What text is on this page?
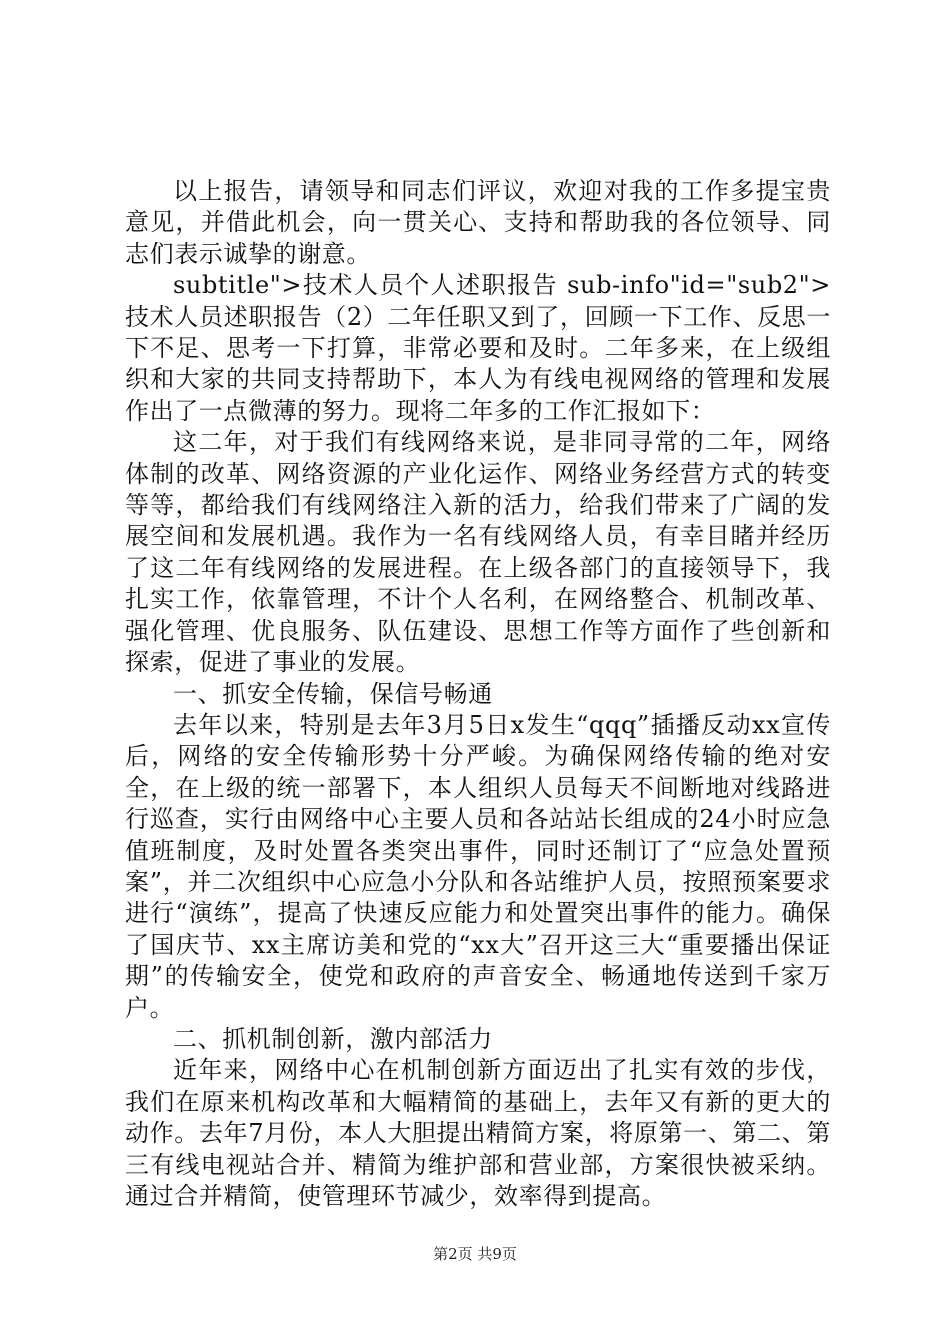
以上报告，请领导和同志们评议，欢迎对我的工作多提宝贵意见，并借此机会，向一贯关心、支持和帮助我的各位领导、同志们表示诚挚的谢意。

subtitle">技术人员个人述职报告 sub-info"id="sub2">技术人员述职报告（2）二年任职又到了，回顾一下工作、反思一下不足、思考一下打算，非常必要和及时。二年多来，在上级组织和大家的共同支持帮助下，本人为有线电视网络的管理和发展作出了一点微薄的努力。现将二年多的工作汇报如下：

这二年，对于我们有线网络来说，是非同寻常的二年，网络体制的改革、网络资源的产业化运作、网络业务经营方式的转变等等，都给我们有线网络注入新的活力，给我们带来了广阔的发展空间和发展机遇。我作为一名有线网络人员，有幸目睹并经历了这二年有线网络的发展进程。在上级各部门的直接领导下，我扎实工作，依靠管理，不计个人名利，在网络整合、机制改革、强化管理、优良服务、队伍建设、思想工作等方面作了些创新和探索，促进了事业的发展。

一、抓安全传输，保信号畅通

去年以来，特别是去年3月5日x发生“qqq”插播反动xx宣传后，网络的安全传输形势十分严峻。为确保网络传输的绝对安全，在上级的统一部署下，本人组织人员每天不间断地对线路进行巡查，实行由网络中心主要人员和各站站长组成的24小时应急值班制度，及时处置各类突出事件，同时还制订了“应急处置预案”，并二次组织中心应急小分队和各站维护人员，按照预案要求进行“演练”，提高了快速反应能力和处置突出事件的能力。确保了国庆节、xx主席访美和党的“xx大”召开这三大“重要播出保证期”的传输安全，使党和政府的声音安全、畅通地传送到千家万户。

二、抓机制创新，激内部活力

近年来，网络中心在机制创新方面迈出了扎实有效的步伐，我们在原来机构改革和大幅精简的基础上，去年又有新的更大的动作。去年7月份，本人大胆提出精简方案，将原第一、第二、第三有线电视站合并、精简为维护部和营业部，方案很快被采纳。通过合并精简，使管理环节减少，效率得到提高。

第2页 共9页
